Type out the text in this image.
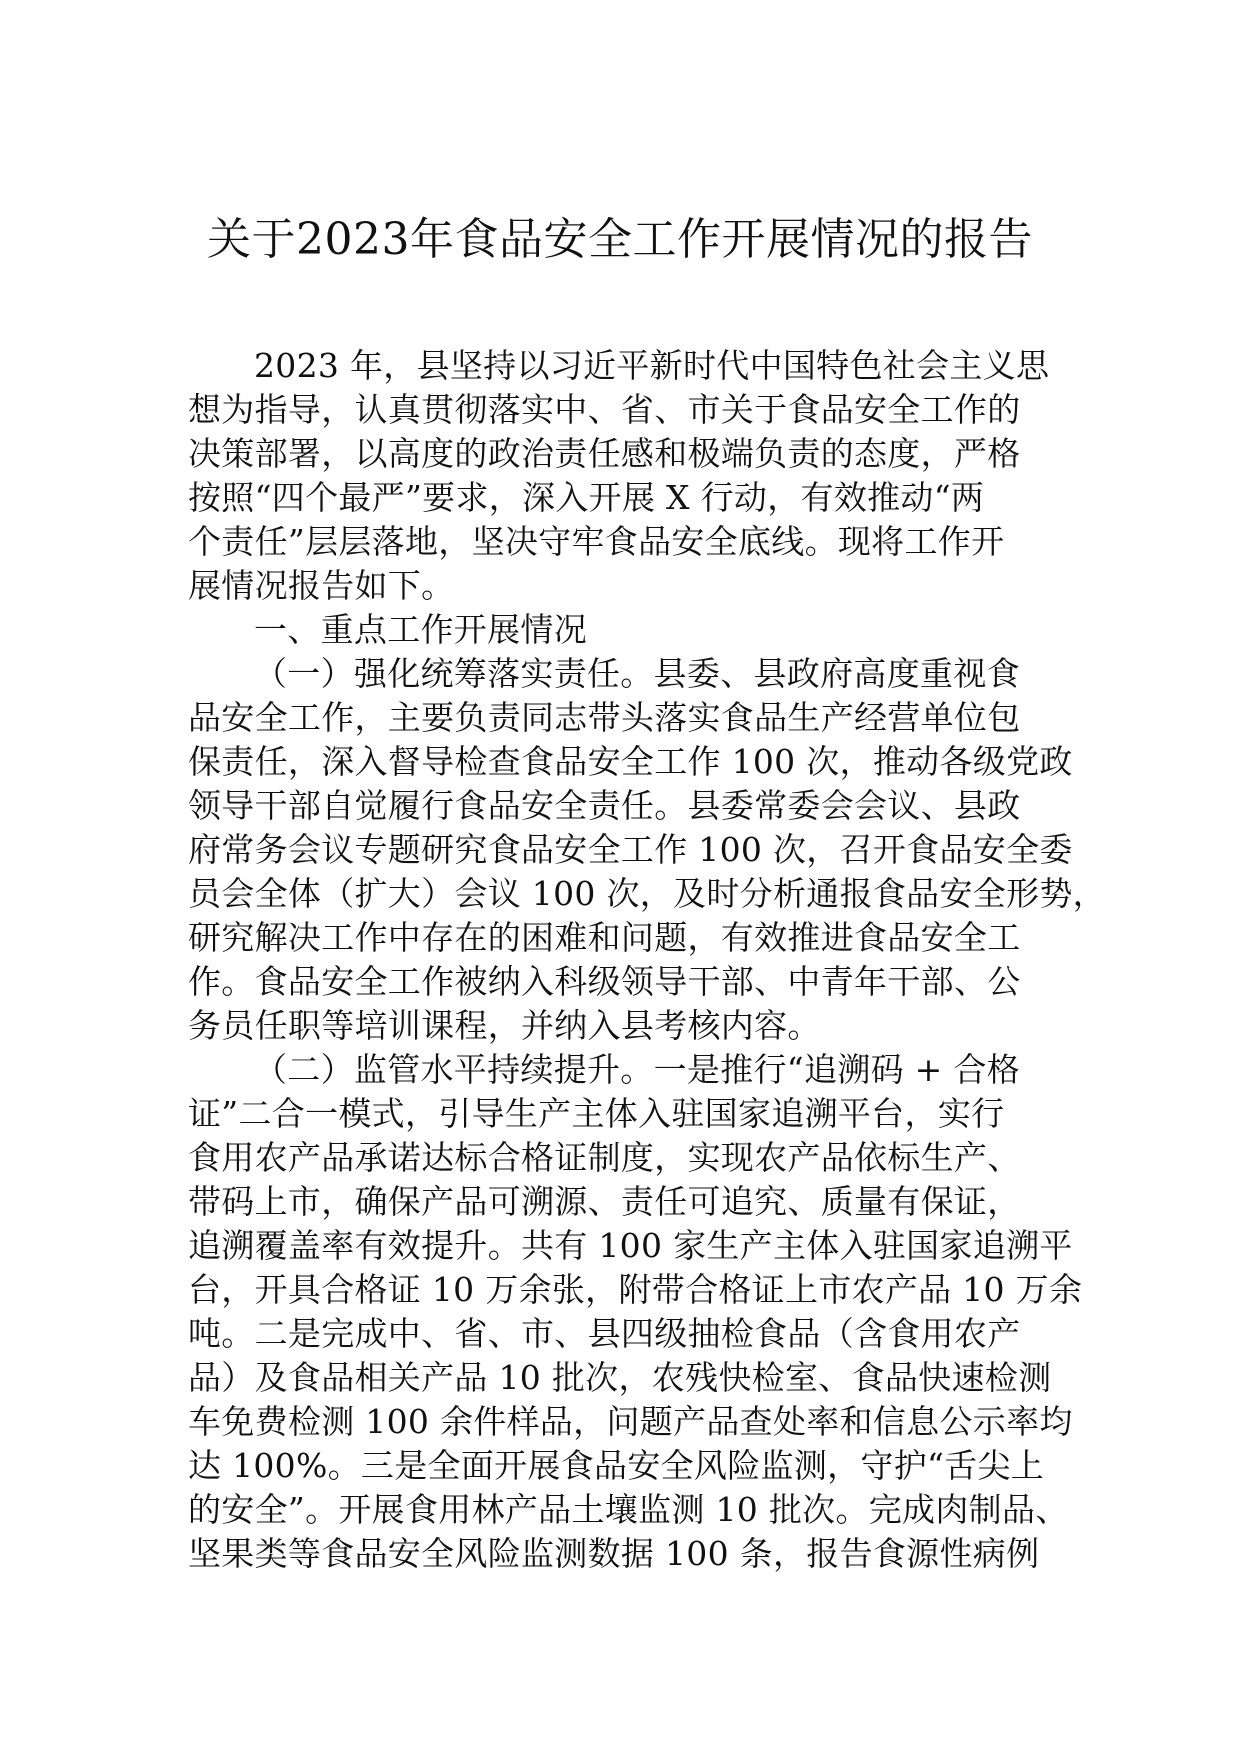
关于2023年食品安全工作开展情况的报告
2023 年，县坚持以习近平新时代中国特色社会主义思
想为指导，认真贯彻落实中、省、市关于食品安全工作的
决策部署，以高度的政治责任感和极端负责的态度，严格
按照“四个最严”要求，深入开展 X 行动，有效推动“两
个责任”层层落地，坚决守牢食品安全底线。现将工作开
展情况报告如下。
一、重点工作开展情况
（一）强化统筹落实责任。县委、县政府高度重视食
品安全工作，主要负责同志带头落实食品生产经营单位包
保责任，深入督导检查食品安全工作 100 次，推动各级党政
领导干部自觉履行食品安全责任。县委常委会会议、县政
府常务会议专题研究食品安全工作 100 次，召开食品安全委
员会全体（扩大）会议 100 次，及时分析通报食品安全形势，
研究解决工作中存在的困难和问题，有效推进食品安全工
作。食品安全工作被纳入科级领导干部、中青年干部、公
务员任职等培训课程，并纳入县考核内容。
（二）监管水平持续提升。一是推行“追溯码 + 合格
证”二合一模式，引导生产主体入驻国家追溯平台，实行
食用农产品承诺达标合格证制度，实现农产品依标生产、
带码上市，确保产品可溯源、责任可追究、质量有保证，
追溯覆盖率有效提升。共有 100 家生产主体入驻国家追溯平
台，开具合格证 10 万余张，附带合格证上市农产品 10 万余
吨。二是完成中、省、市、县四级抽检食品（含食用农产
品）及食品相关产品 10 批次，农残快检室、食品快速检测
车免费检测 100 余件样品，问题产品查处率和信息公示率均
达 100%。三是全面开展食品安全风险监测，守护“舌尖上
的安全”。开展食用林产品土壤监测 10 批次。完成肉制品、
坚果类等食品安全风险监测数据 100 条，报告食源性病例
